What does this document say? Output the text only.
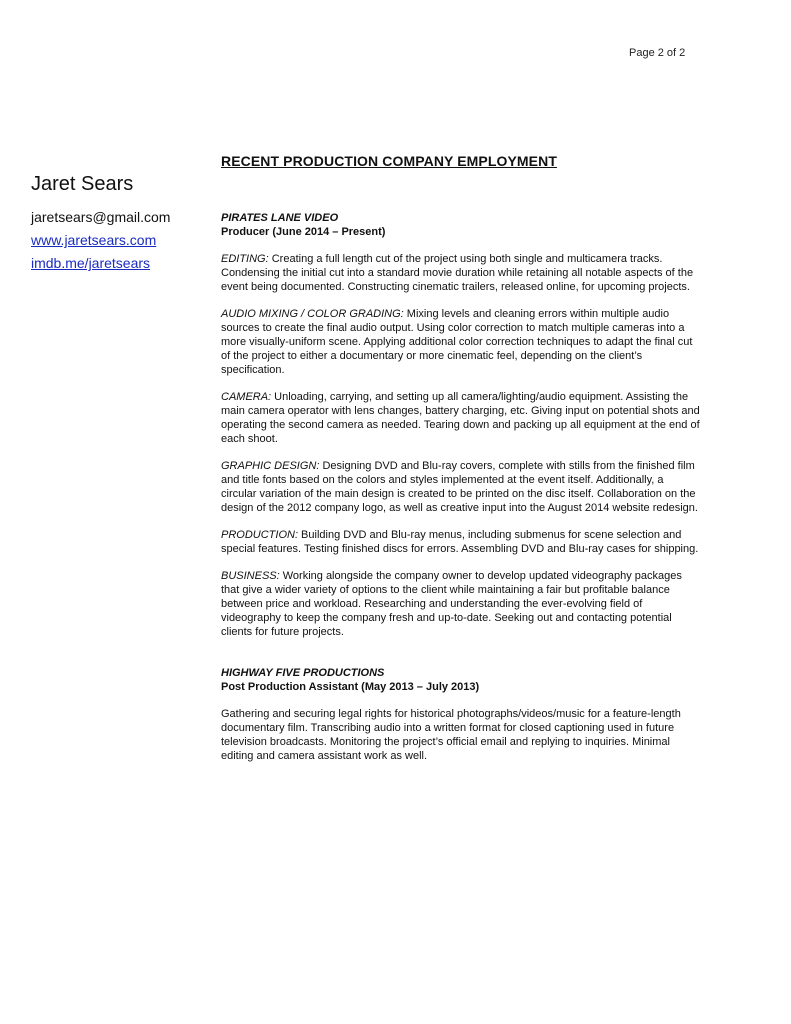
Page 2 of 2
Jaret Sears
jaretsears@gmail.com
www.jaretsears.com
imdb.me/jaretsears
RECENT PRODUCTION COMPANY EMPLOYMENT
PIRATES LANE VIDEO
Producer (June 2014 – Present)
EDITING: Creating a full length cut of the project using both single and multicamera tracks. Condensing the initial cut into a standard movie duration while retaining all notable aspects of the event being documented. Constructing cinematic trailers, released online, for upcoming projects.
AUDIO MIXING / COLOR GRADING: Mixing levels and cleaning errors within multiple audio sources to create the final audio output. Using color correction to match multiple cameras into a more visually-uniform scene. Applying additional color correction techniques to adapt the final cut of the project to either a documentary or more cinematic feel, depending on the client’s specification.
CAMERA: Unloading, carrying, and setting up all camera/lighting/audio equipment. Assisting the main camera operator with lens changes, battery charging, etc. Giving input on potential shots and operating the second camera as needed. Tearing down and packing up all equipment at the end of each shoot.
GRAPHIC DESIGN: Designing DVD and Blu-ray covers, complete with stills from the finished film and title fonts based on the colors and styles implemented at the event itself. Additionally, a circular variation of the main design is created to be printed on the disc itself. Collaboration on the design of the 2012 company logo, as well as creative input into the August 2014 website redesign.
PRODUCTION: Building DVD and Blu-ray menus, including submenus for scene selection and special features. Testing finished discs for errors. Assembling DVD and Blu-ray cases for shipping.
BUSINESS: Working alongside the company owner to develop updated videography packages that give a wider variety of options to the client while maintaining a fair but profitable balance between price and workload. Researching and understanding the ever-evolving field of videography to keep the company fresh and up-to-date. Seeking out and contacting potential clients for future projects.
HIGHWAY FIVE PRODUCTIONS
Post Production Assistant (May 2013 – July 2013)
Gathering and securing legal rights for historical photographs/videos/music for a feature-length documentary film. Transcribing audio into a written format for closed captioning used in future television broadcasts. Monitoring the project’s official email and replying to inquiries. Minimal editing and camera assistant work as well.
